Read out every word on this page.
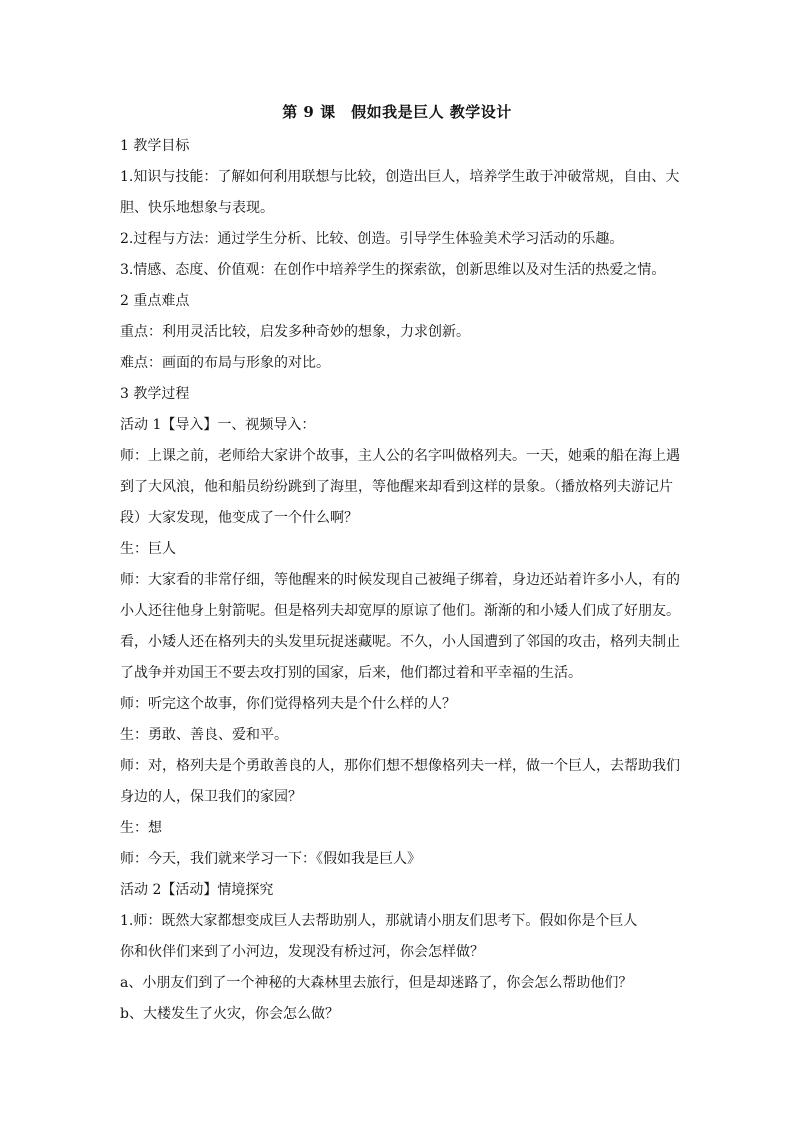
第 9 课　假如我是巨人 教学设计
1 教学目标
1.知识与技能：了解如何利用联想与比较，创造出巨人，培养学生敢于冲破常规，自由、大
胆、快乐地想象与表现。
2.过程与方法：通过学生分析、比较、创造。引导学生体验美术学习活动的乐趣。
3.情感、态度、价值观：在创作中培养学生的探索欲，创新思维以及对生活的热爱之情。
2 重点难点
重点：利用灵活比较，启发多种奇妙的想象，力求创新。
难点：画面的布局与形象的对比。
3 教学过程
活动 1【导入】一、视频导入：
师：上课之前，老师给大家讲个故事，主人公的名字叫做格列夫。一天，她乘的船在海上遇
到了大风浪，他和船员纷纷跳到了海里，等他醒来却看到这样的景象。（播放格列夫游记片
段）大家发现，他变成了一个什么啊？
生：巨人
师：大家看的非常仔细，等他醒来的时候发现自己被绳子绑着，身边还站着许多小人，有的
小人还往他身上射箭呢。但是格列夫却宽厚的原谅了他们。渐渐的和小矮人们成了好朋友。
看，小矮人还在格列夫的头发里玩捉迷藏呢。不久，小人国遭到了邻国的攻击，格列夫制止
了战争并劝国王不要去攻打别的国家，后来，他们都过着和平幸福的生活。
师：听完这个故事，你们觉得格列夫是个什么样的人？
生：勇敢、善良、爱和平。
师：对，格列夫是个勇敢善良的人，那你们想不想像格列夫一样，做一个巨人，去帮助我们
身边的人，保卫我们的家园？
生：想
师：今天，我们就来学习一下：《假如我是巨人》
活动 2【活动】情境探究
1.师：既然大家都想变成巨人去帮助别人，那就请小朋友们思考下。假如你是个巨人
你和伙伴们来到了小河边，发现没有桥过河，你会怎样做？
a、小朋友们到了一个神秘的大森林里去旅行，但是却迷路了，你会怎么帮助他们？
b、大楼发生了火灾，你会怎么做？
